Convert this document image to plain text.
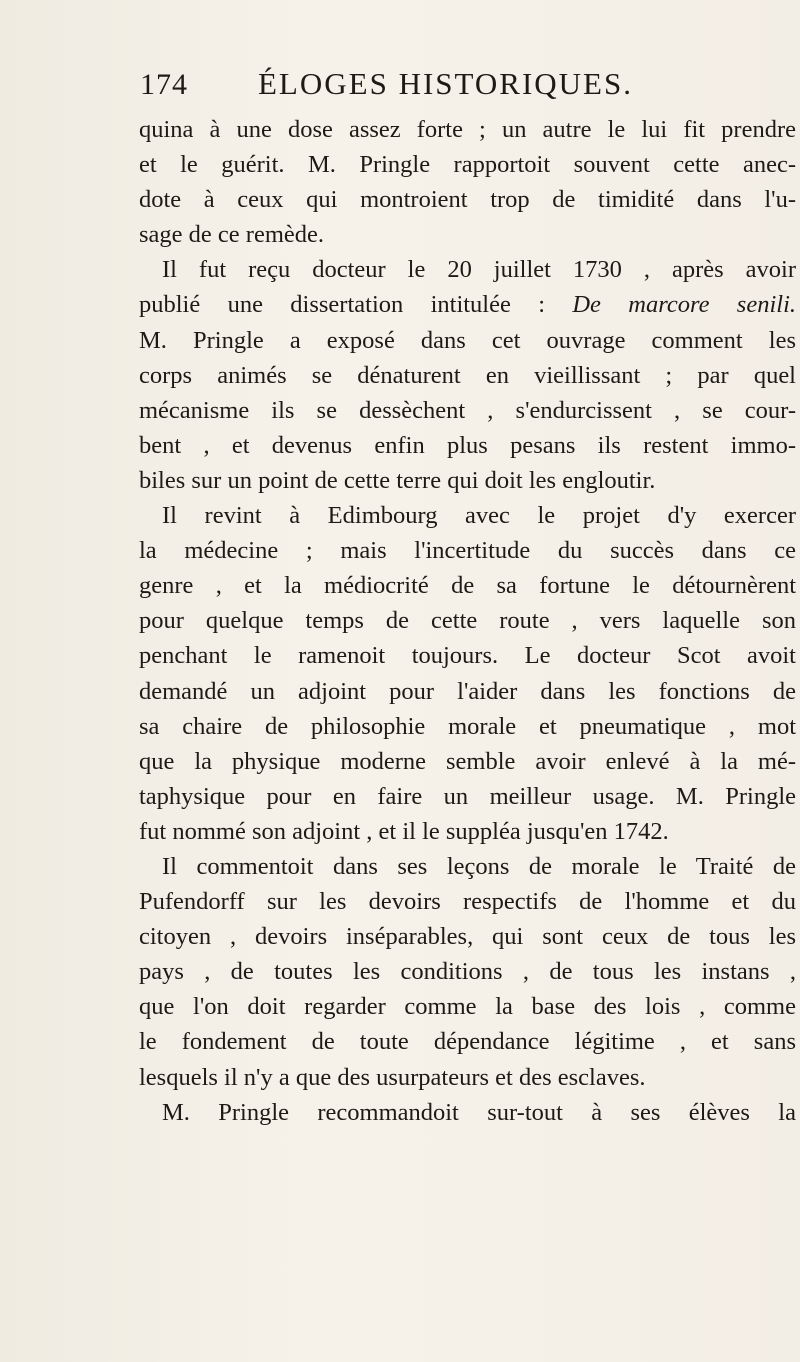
174	ÉLOGES HISTORIQUES.
quina à une dose assez forte ; un autre le lui fit prendre
et le guérit. M. Pringle rapportoit souvent cette anec-
dote à ceux qui montroient trop de timidité dans l'u-
sage de ce remède.
Il fut reçu docteur le 20 juillet 1730 , après avoir
publié une dissertation intitulée : De marcore senili.
M. Pringle a exposé dans cet ouvrage comment les
corps animés se dénaturent en vieillissant ; par quel
mécanisme ils se dessèchent , s'endurcissent , se cour-
bent , et devenus enfin plus pesans ils restent immo-
biles sur un point de cette terre qui doit les engloutir.
Il revint à Edimbourg avec le projet d'y exercer
la médecine ; mais l'incertitude du succès dans ce
genre , et la médiocrité de sa fortune le détournèrent
pour quelque temps de cette route , vers laquelle son
penchant le ramenoit toujours. Le docteur Scot avoit
demandé un adjoint pour l'aider dans les fonctions de
sa chaire de philosophie morale et pneumatique , mot
que la physique moderne semble avoir enlevé à la mé-
taphysique pour en faire un meilleur usage. M. Pringle
fut nommé son adjoint , et il le suppléa jusqu'en 1742.
Il commentoit dans ses leçons de morale le Traité de
Pufendorff sur les devoirs respectifs de l'homme et du
citoyen , devoirs inséparables, qui sont ceux de tous les
pays , de toutes les conditions , de tous les instans ,
que l'on doit regarder comme la base des lois , comme
le fondement de toute dépendance légitime , et sans
lesquels il n'y a que des usurpateurs et des esclaves.
M. Pringle recommandoit sur-tout à ses élèves la
